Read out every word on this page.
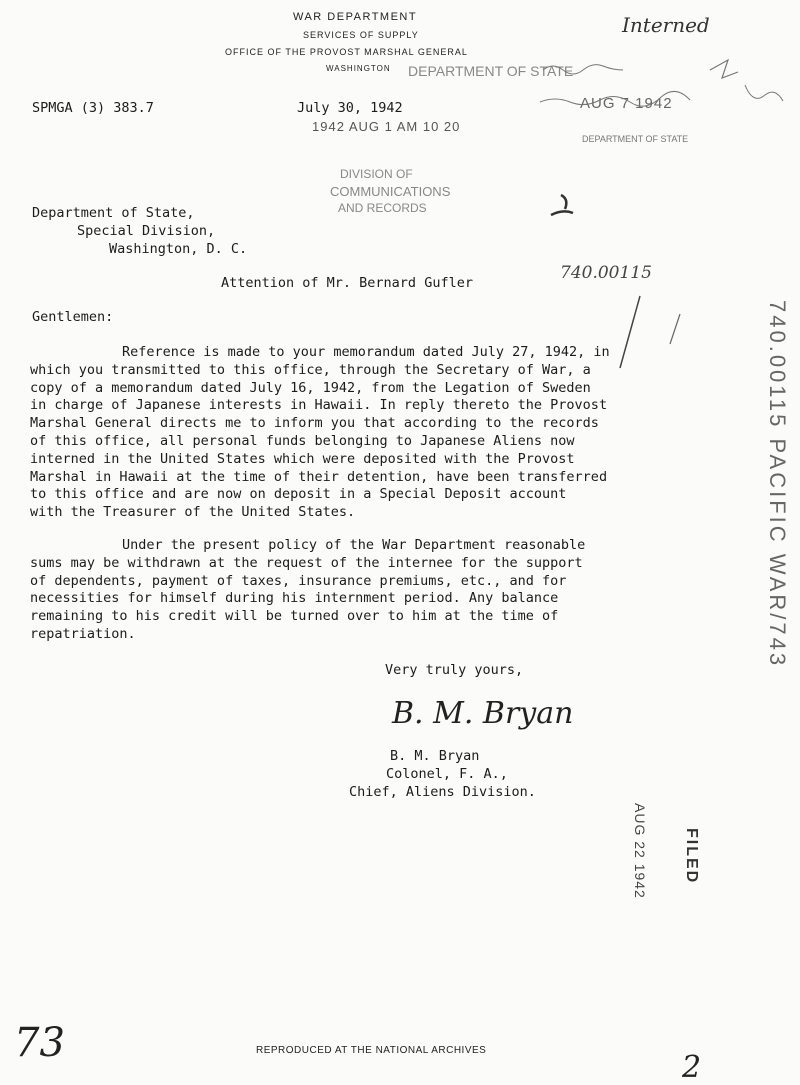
WAR DEPARTMENT
SERVICES OF SUPPLY
OFFICE OF THE PROVOST MARSHAL GENERAL
WASHINGTON
SPMGA (3) 383.7	July 30, 1942
1942 AUG 1 AM 10 20
DIVISION OF
COMMUNICATIONS
AND RECORDS
DEPARTMENT OF STATE
Interned
AUG 7 1942
DEPARTMENT OF STATE
740.00115
Department of State,
Special Division,
Washington, D. C.
Attention of Mr. Bernard Gufler
Gentlemen:
Reference is made to your memorandum dated July 27, 1942, in
which you transmitted to this office, through the Secretary of War, a
copy of a memorandum dated July 16, 1942, from the Legation of Sweden
in charge of Japanese interests in Hawaii. In reply thereto the Provost
Marshal General directs me to inform you that according to the records
of this office, all personal funds belonging to Japanese Aliens now
interned in the United States which were deposited with the Provost
Marshal in Hawaii at the time of their detention, have been transferred
to this office and are now on deposit in a Special Deposit account
with the Treasurer of the United States.
Under the present policy of the War Department reasonable
sums may be withdrawn at the request of the internee for the support
of dependents, payment of taxes, insurance premiums, etc., and for
necessities for himself during his internment period. Any balance
remaining to his credit will be turned over to him at the time of
repatriation.
Very truly yours,
B. M. Bryan
B. M. Bryan
Colonel, F. A.,
Chief, Aliens Division.
FILED
AUG 22 1942
740.00115 PACIFIC WAR/743
73
2
REPRODUCED AT THE NATIONAL ARCHIVES
